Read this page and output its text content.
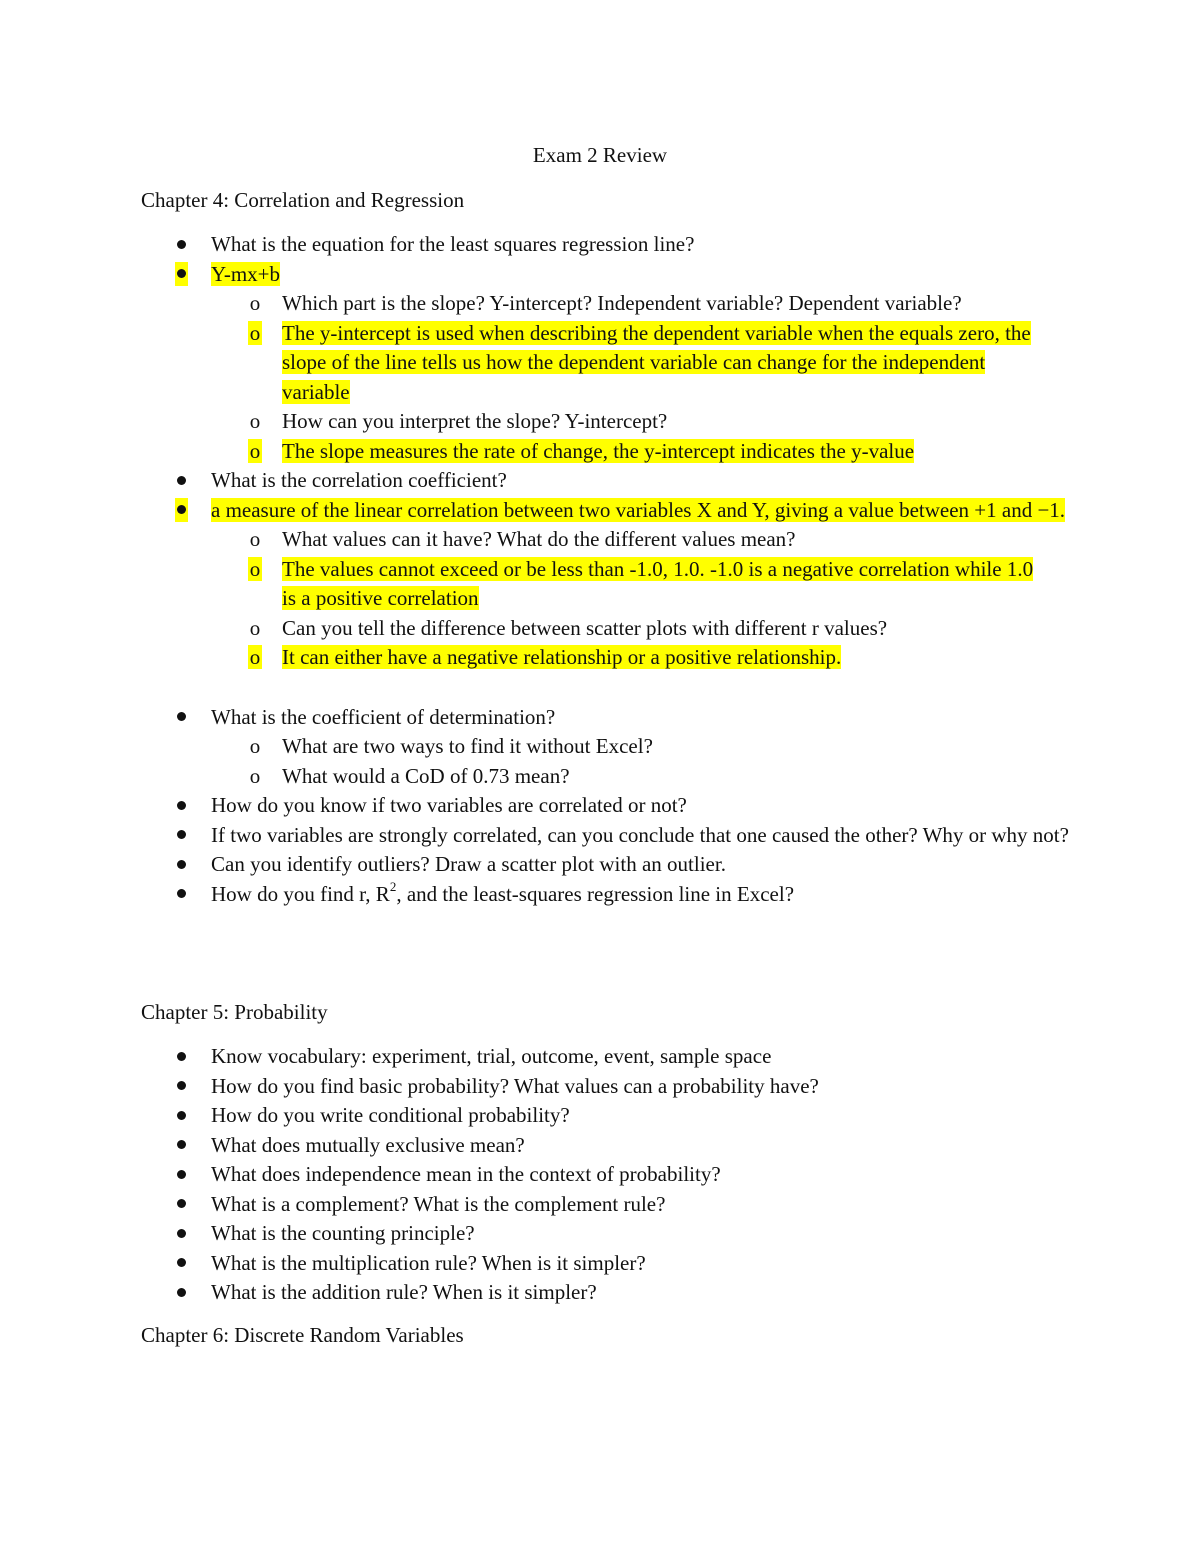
Exam 2 Review
Chapter 4: Correlation and Regression
What is the equation for the least squares regression line?
Y-mx+b
o Which part is the slope? Y-intercept? Independent variable? Dependent variable?
o The y-intercept is used when describing the dependent variable when the equals zero, the slope of the line tells us how the dependent variable can change for the independent variable
o How can you interpret the slope? Y-intercept?
o The slope measures the rate of change, the y-intercept indicates the y-value
What is the correlation coefficient?
a measure of the linear correlation between two variables X and Y, giving a value between +1 and −1.
o What values can it have? What do the different values mean?
o The values cannot exceed or be less than -1.0, 1.0. -1.0 is a negative correlation while 1.0 is a positive correlation
o Can you tell the difference between scatter plots with different r values?
o It can either have a negative relationship or a positive relationship.
What is the coefficient of determination?
o What are two ways to find it without Excel?
o What would a CoD of 0.73 mean?
How do you know if two variables are correlated or not?
If two variables are strongly correlated, can you conclude that one caused the other? Why or why not?
Can you identify outliers? Draw a scatter plot with an outlier.
How do you find r, $R^2$, and the least-squares regression line in Excel?
Chapter 5: Probability
Know vocabulary: experiment, trial, outcome, event, sample space
How do you find basic probability? What values can a probability have?
How do you write conditional probability?
What does mutually exclusive mean?
What does independence mean in the context of probability?
What is a complement? What is the complement rule?
What is the counting principle?
What is the multiplication rule? When is it simpler?
What is the addition rule? When is it simpler?
Chapter 6: Discrete Random Variables
